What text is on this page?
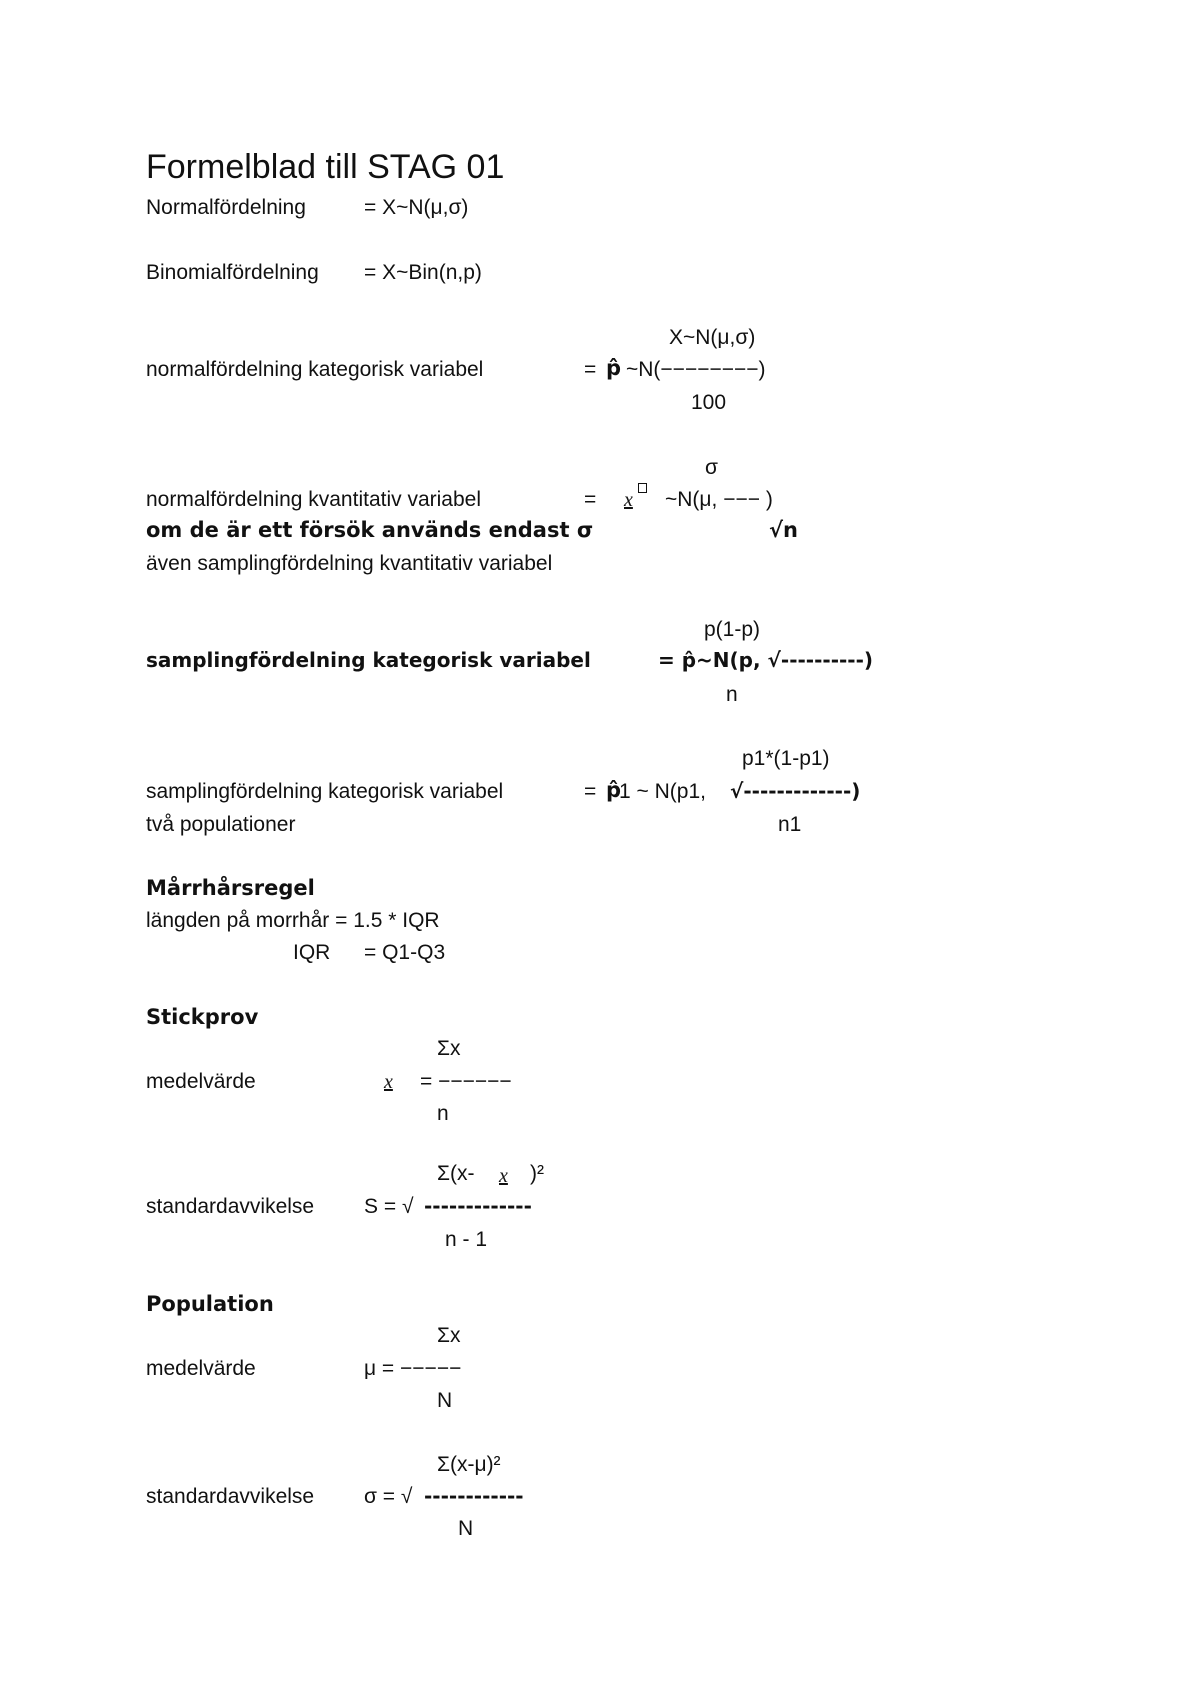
Formelblad till STAG 01
Normalfördelning	= X~N(μ,σ)
Binomialfördelning = X~Bin(n,p)
X~N(μ,σ)
normalfördelning kategorisk variabel	= p̂ ~N(−−−−−−−−)
100
σ
normalfördelning kvantitativ variabel	= x ~N(μ, −−− )
om de är ett försök används endast σ	√n
även samplingfördelning kvantitativ variabel
p(1-p)
samplingfördelning kategorisk variabel	= p̂~N(p, √----------)
n
p1*(1-p1)
samplingfördelning kategorisk variabel	= p̂
1 ~ N(p1, √-------------)
två populationer	n1
Mårrhårsregel
längden på morrhår = 1.5 * IQR
IQR = Q1-Q3
Stickprov
Σx
medelvärde	x = −−−−−−
n
Σ(x- x )²
standardavvikelse S = √ -------------
n - 1
Population
Σx
medelvärde	μ = −−−−−
N
Σ(x-μ)²
standardavvikelse σ = √ ------------
N
